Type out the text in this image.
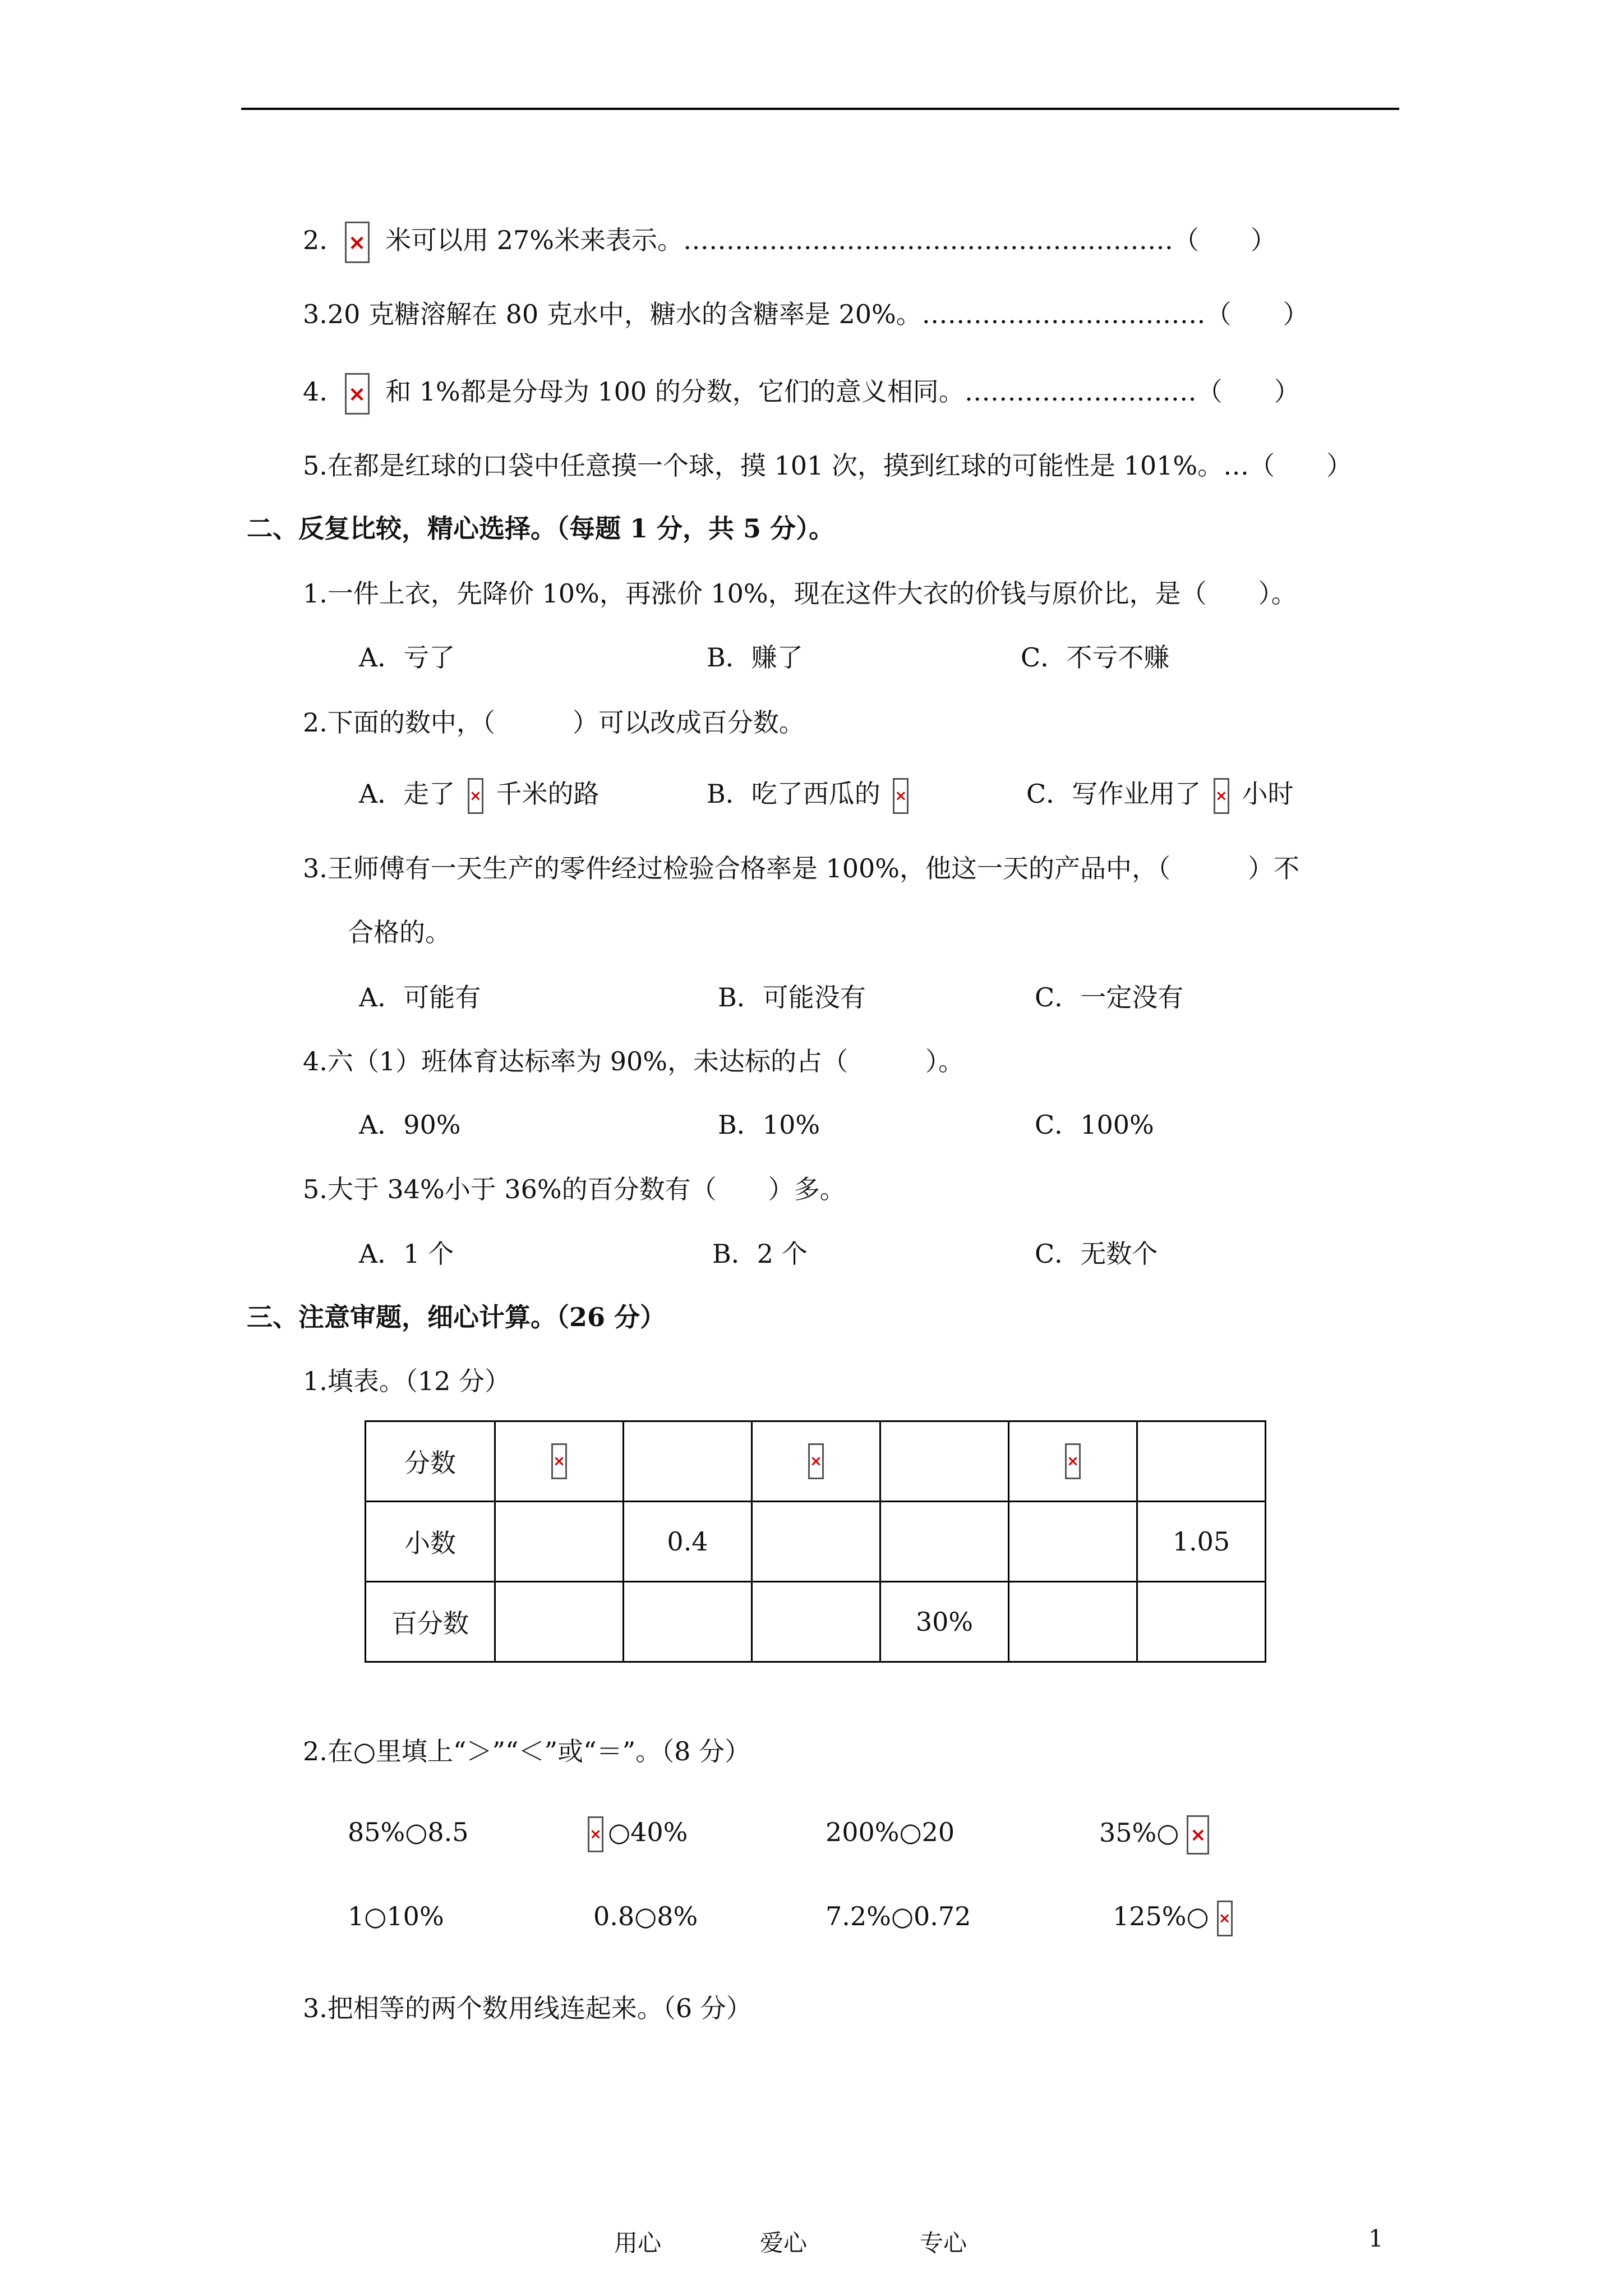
2. × 米可以用 27%米来表示。…………………………………………………（　　）
3.20 克糖溶解在 80 克水中，糖水的含糖率是 20%。……………………………（　　）
4. × 和 1%都是分母为 100 的分数，它们的意义相同。………………………（　　）
5.在都是红球的口袋中任意摸一个球，摸 101 次，摸到红球的可能性是 101%。…（　　）
二、反复比较，精心选择。（每题 1 分，共 5 分）。
1.一件上衣，先降价 10%，再涨价 10%，现在这件大衣的价钱与原价比，是（　　）。
A．亏了	B．赚了	C．不亏不赚
2.下面的数中，（　　　）可以改成百分数。
A．走了 × 千米的路	B．吃了西瓜的 ×	C．写作业用了 × 小时
3.王师傅有一天生产的零件经过检验合格率是 100%，他这一天的产品中，（　　　）不
合格的。
A．可能有	B．可能没有	C．一定没有
4.六（1）班体育达标率为 90%，未达标的占（　　　）。
A．90%	B．10%	C．100%
5.大于 34%小于 36%的百分数有（　　）多。
A．1 个	B．2 个	C．无数个
三、注意审题，细心计算。（26 分）
1.填表。（12 分）
分数	×		×		×	
小数		0.4				1.05
百分数				30%		
2.在○里填上“＞”“＜”或“＝”。（8 分）
85%○8.5 ×	○40%	200%○20	35%○×
1○10%	0.8○8%	7.2%○0.72	125%○×
3.把相等的两个数用线连起来。（6 分）
用心	爱心	专心	1
